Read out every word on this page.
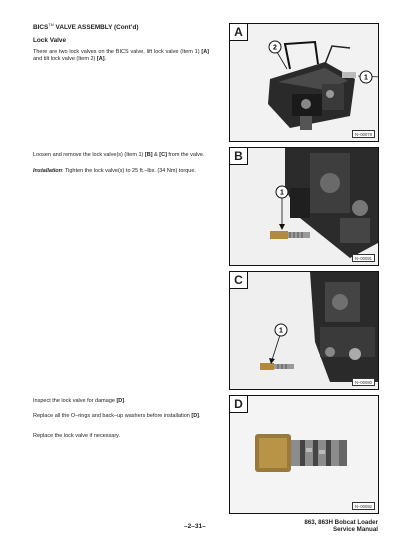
BICS™ VALVE ASSEMBLY (Cont’d)
Lock Valve
There are two lock valves on the BICS valve, lift lock valve (Item 1) [A] and tilt lock valve (Item 2) [A].
Loosen and remove the lock valve(s) (Item 1) [B] & [C] from the valve.
Installation: Tighten the lock valve(s) to 25 ft.–lbs. (34 Nm) torque.
Inspect the lock valve for damage [D].
Replace all the O–rings and back–up washers before installation [D].
Replace the lock valve if necessary.
A
2
1
N–00078
B
1
N–00091
C
1
N–00080
D
N–00092
–2–31–
863, 863H Bobcat Loader
Service Manual
